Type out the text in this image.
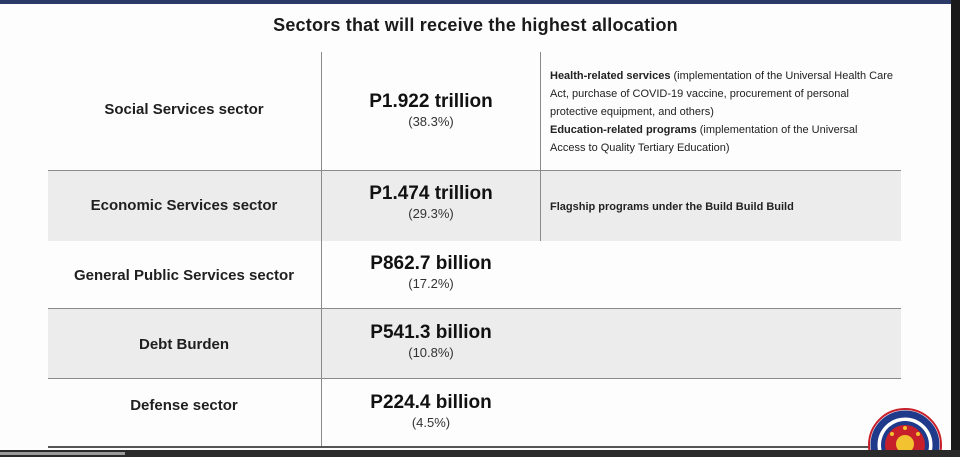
Sectors that will receive the highest allocation
Social Services sector	P1.922 trillion
(38.3%)
Economic Services sector
P1.474 trillion
(29.3%)
General Public Services sector
P862.7 billion
(17.2%)
Debt Burden
P541.3 billion
(10.8%)
Defense sector	P224.4 billion
(4.5%)
Health-related services (implementation of the Universal Health Care Act, purchase of COVID-19 vaccine, procurement of personal protective equipment, and others)
Education-related programs (implementation of the Universal Access to Quality Tertiary Education)
Flagship programs under the Build Build Build
